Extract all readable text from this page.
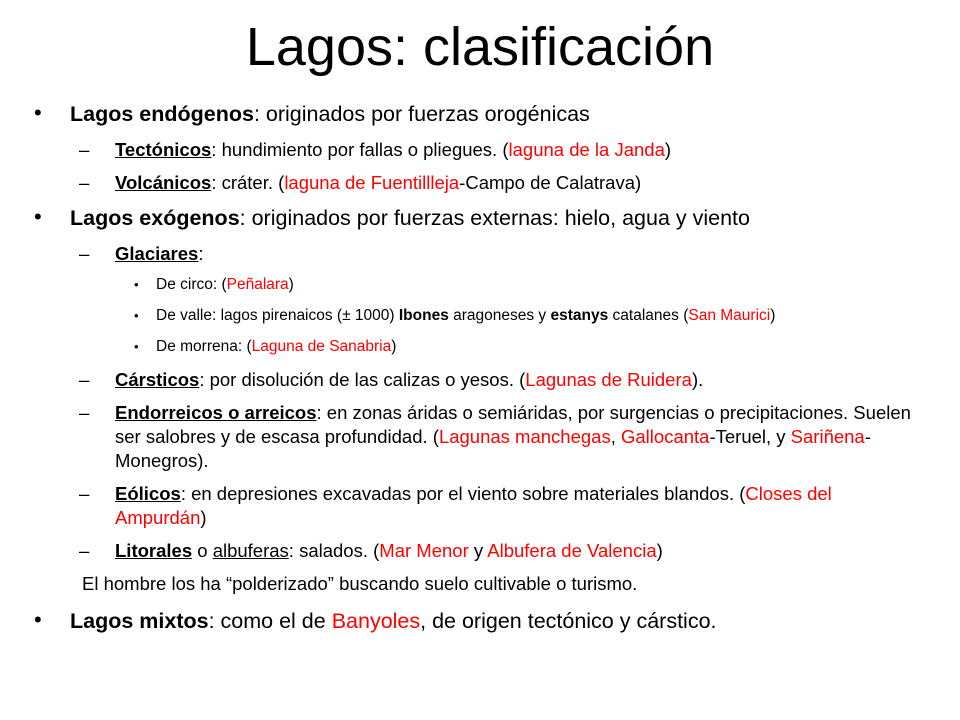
Lagos: clasificación
• Lagos endógenos: originados por fuerzas orogénicas
– Tectónicos: hundimiento por fallas o pliegues. (laguna de la Janda)
– Volcánicos: cráter. (laguna de Fuentillleja-Campo de Calatrava)
• Lagos exógenos: originados por fuerzas externas: hielo, agua y viento
– Glaciares:
• De circo: (Peñalara)
• De valle: lagos pirenaicos (± 1000) Ibones aragoneses y estanys catalanes (San Maurici)
• De morrena: (Laguna de Sanabria)
– Cársticos: por disolución de las calizas o yesos. (Lagunas de Ruidera).
– Endorreicos o arreicos: en zonas áridas o semiáridas, por surgencias o precipitaciones. Suelen ser salobres y de escasa profundidad. (Lagunas manchegas, Gallocanta-Teruel, y Sariñena-Monegros).
– Eólicos: en depresiones excavadas por el viento sobre materiales blandos. (Closes del Ampurdán)
– Litorales o albuferas: salados. (Mar Menor y Albufera de Valencia)
El hombre los ha “polderizado” buscando suelo cultivable o turismo.
• Lagos mixtos: como el de Banyoles, de origen tectónico y cárstico.
